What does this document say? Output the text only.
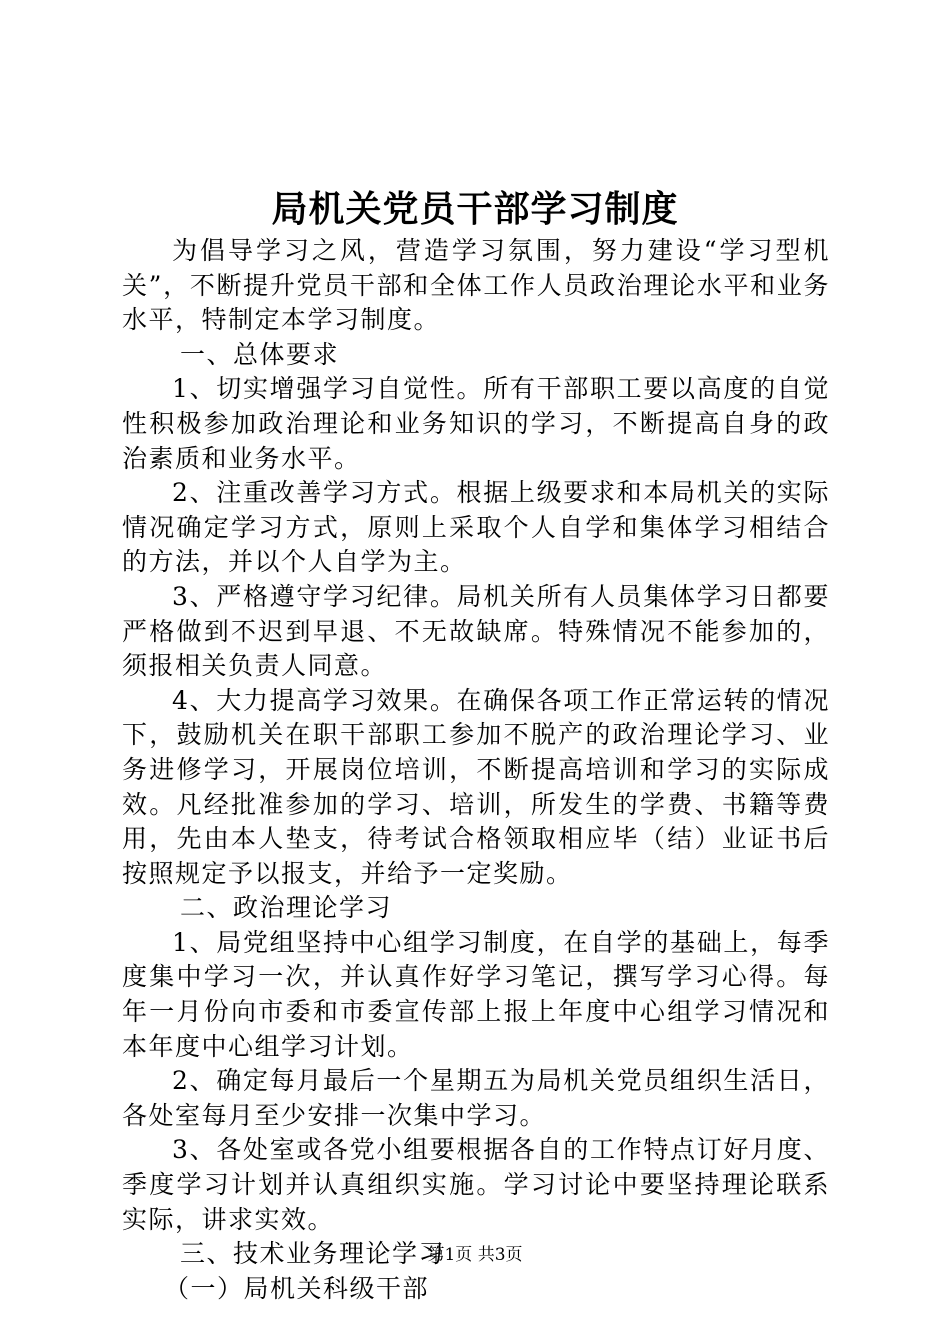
局机关党员干部学习制度

为倡导学习之风，营造学习氛围，努力建设“学习型机关”，不断提升党员干部和全体工作人员政治理论水平和业务水平，特制定本学习制度。

一、总体要求

1、切实增强学习自觉性。所有干部职工要以高度的自觉性积极参加政治理论和业务知识的学习，不断提高自身的政治素质和业务水平。

2、注重改善学习方式。根据上级要求和本局机关的实际情况确定学习方式，原则上采取个人自学和集体学习相结合的方法，并以个人自学为主。

3、严格遵守学习纪律。局机关所有人员集体学习日都要严格做到不迟到早退、不无故缺席。特殊情况不能参加的，须报相关负责人同意。

4、大力提高学习效果。在确保各项工作正常运转的情况下，鼓励机关在职干部职工参加不脱产的政治理论学习、业务进修学习，开展岗位培训，不断提高培训和学习的实际成效。凡经批准参加的学习、培训，所发生的学费、书籍等费用，先由本人垫支，待考试合格领取相应毕（结）业证书后按照规定予以报支，并给予一定奖励。

二、政治理论学习

1、局党组坚持中心组学习制度，在自学的基础上，每季度集中学习一次，并认真作好学习笔记，撰写学习心得。每年一月份向市委和市委宣传部上报上年度中心组学习情况和本年度中心组学习计划。

2、确定每月最后一个星期五为局机关党员组织生活日，各处室每月至少安排一次集中学习。

3、各处室或各党小组要根据各自的工作特点订好月度、季度学习计划并认真组织实施。学习讨论中要坚持理论联系实际，讲求实效。

三、技术业务理论学习

（一）局机关科级干部

第1页 共3页
